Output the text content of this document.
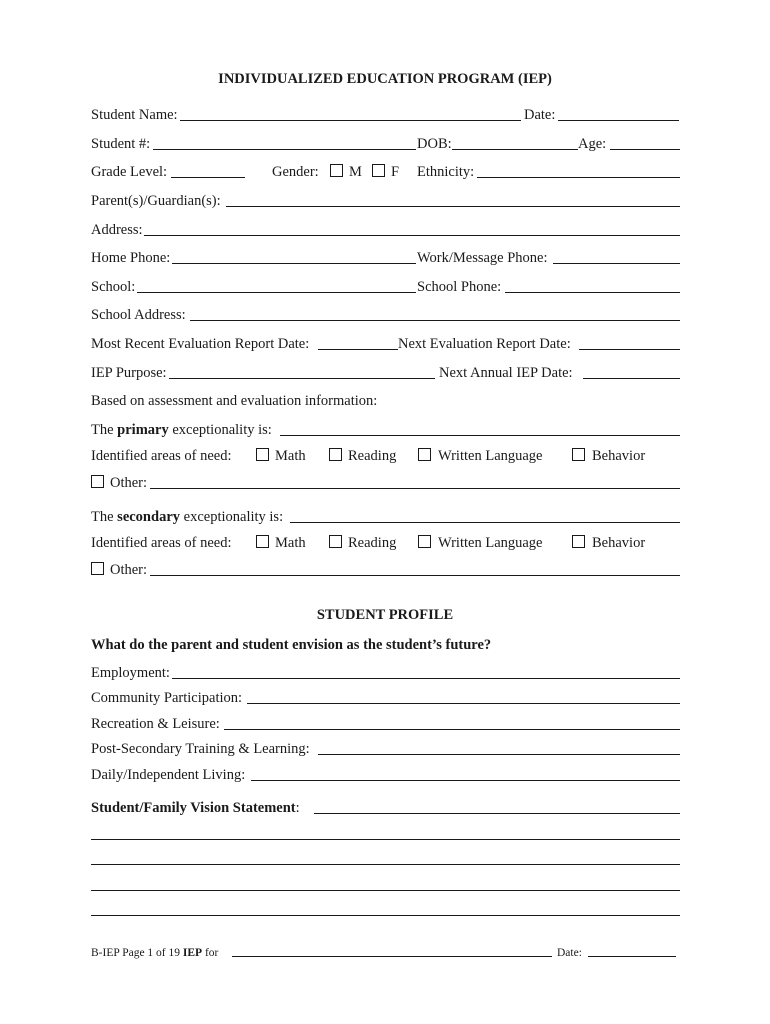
INDIVIDUALIZED EDUCATION PROGRAM (IEP)
Student Name:	Date:
Student #:	DOB:	Age:
Grade Level:	Gender: M F Ethnicity:
Parent(s)/Guardian(s):
Address:
Home Phone:	Work/Message Phone:
School:	School Phone:
School Address:
Most Recent Evaluation Report Date:	Next Evaluation Report Date:
IEP Purpose:	Next Annual IEP Date:
Based on assessment and evaluation information:
The primary exceptionality is:
Identified areas of need:	Math	Reading	Written Language	Behavior
Other:
The secondary exceptionality is:
Identified areas of need:	Math	Reading	Written Language	Behavior
Other:
STUDENT PROFILE
What do the parent and student envision as the student’s future?
Employment:
Community Participation:
Recreation & Leisure:
Post-Secondary Training & Learning:
Daily/Independent Living:
Student/Family Vision Statement:
B-IEP Page 1 of 19 IEP for	Date:
